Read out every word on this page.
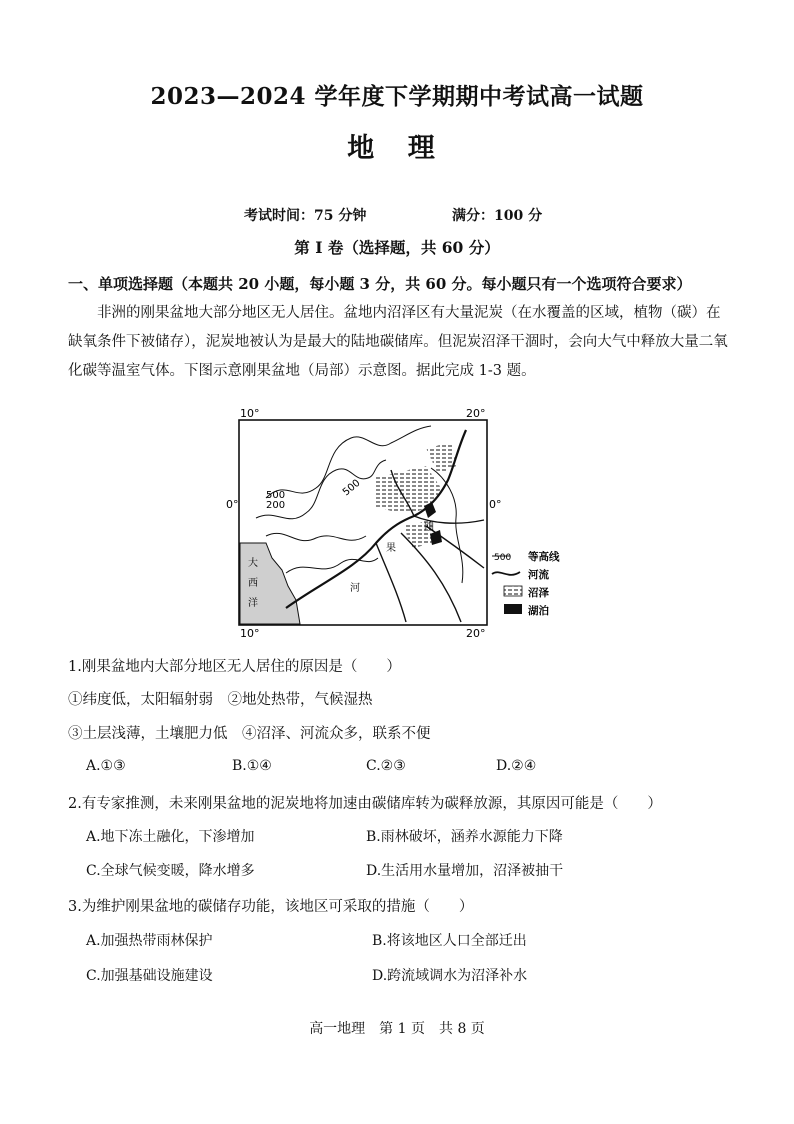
2023—2024 学年度下学期期中考试高一试题
地 理
考试时间：75 分钟	满分：100 分
第 I 卷（选择题，共 60 分）
一、单项选择题（本题共 20 小题，每小题 3 分，共 60 分。每小题只有一个选项符合要求）
非洲的刚果盆地大部分地区无人居住。盆地内沼泽区有大量泥炭（在水覆盖的区域，植物（碳）在缺氧条件下被储存），泥炭地被认为是最大的陆地碳储库。但泥炭沼泽干涸时，会向大气中释放大量二氧化碳等温室气体。下图示意刚果盆地（局部）示意图。据此完成 1-3 题。
10°	20°
10°	20°
0°	0°
500
200
500
大
西
洋
刚
果
河
500 等高线
河流
沼泽
湖泊
1.刚果盆地内大部分地区无人居住的原因是（　　）
①纬度低，太阳辐射弱　②地处热带，气候湿热
③土层浅薄，土壤肥力低　④沼泽、河流众多，联系不便
A.①③	B.①④	C.②③	D.②④
2.有专家推测，未来刚果盆地的泥炭地将加速由碳储库转为碳释放源，其原因可能是（　　）
A.地下冻土融化，下渗增加	B.雨林破坏，涵养水源能力下降
C.全球气候变暖，降水增多	D.生活用水量增加，沼泽被抽干
3.为维护刚果盆地的碳储存功能，该地区可采取的措施（　　）
A.加强热带雨林保护	B.将该地区人口全部迁出
C.加强基础设施建设	D.跨流域调水为沼泽补水
高一地理　第 1 页　共 8 页
